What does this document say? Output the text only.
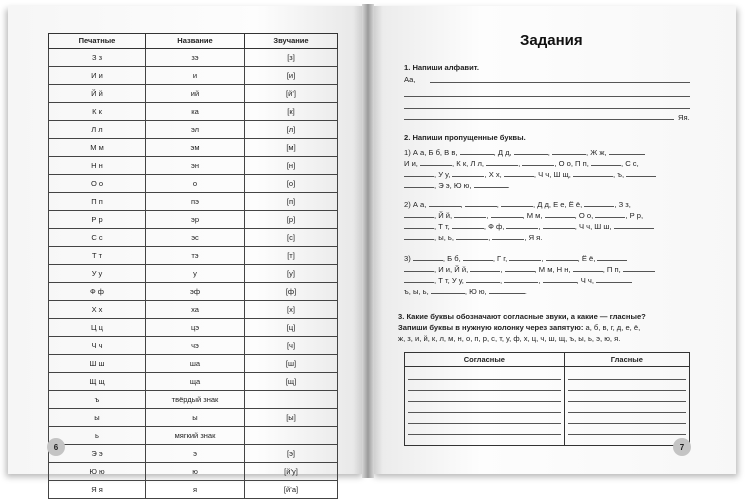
Печатные	Название	Звучание
З з	зэ	[з]
И и	и	[и]
Й й	ий	[й’]
К к	ка	[к]
Л л	эл	[л]
М м	эм	[м]
Н н	эн	[н]
О о	о	[о]
П п	пэ	[п]
Р р	эр	[р]
С с	эс	[с]
Т т	тэ	[т]
У у	у	[у]
Ф ф	эф	[ф]
Х х	ха	[х]
Ц ц	цэ	[ц]
Ч ч	чэ	[ч]
Ш ш	ша	[ш]
Щ щ	ща	[щ]
ъ	твёрдый знак	
ы	ы	[ы]
ь	мягкий знак	
Э э	э	[э]
Ю ю	ю	[й’у]
Я я	я	[й’а]
6
Задания
1. Напиши алфавит.
Аа,
Яя.
2. Напиши пропущенные буквы.
1) А а, Б б, В в,	, Д д,	,	, Ж ж,
И и,	, К к, Л л,	,	, О о, П п,	, С с,
, У у,	, Х х,	, Ч ч, Ш щ,	, ъ,
, Э э, Ю ю,	.
2) А а,	,	,	, Д д, Е е, Ё ё,	, З з,
, Й й,	,	, М м,	, О о,	, Р р,
, Т т,	, Ф ф,	,	, Ч ч, Ш ш,
, ы, ь,	,	, Я я.
3)	, Б б,	, Г г,	,	, Ё ё,
, И и, Й й,	,	, М м, Н н,	, П п,
, Т т, У у,	,	,	, Ч ч,
ъ, ы, ь,	, Ю ю,	.
3. Какие буквы обозначают согласные звуки, а какие — гласные?
Запиши буквы в нужную колонку через запятую: а, б, в, г, д, е, ё,
ж, з, и, й, к, л, м, н, о, п, р, с, т, у, ф, х, ц, ч, ш, щ, ъ, ы, ь, э, ю, я.
Согласные	Гласные

7
